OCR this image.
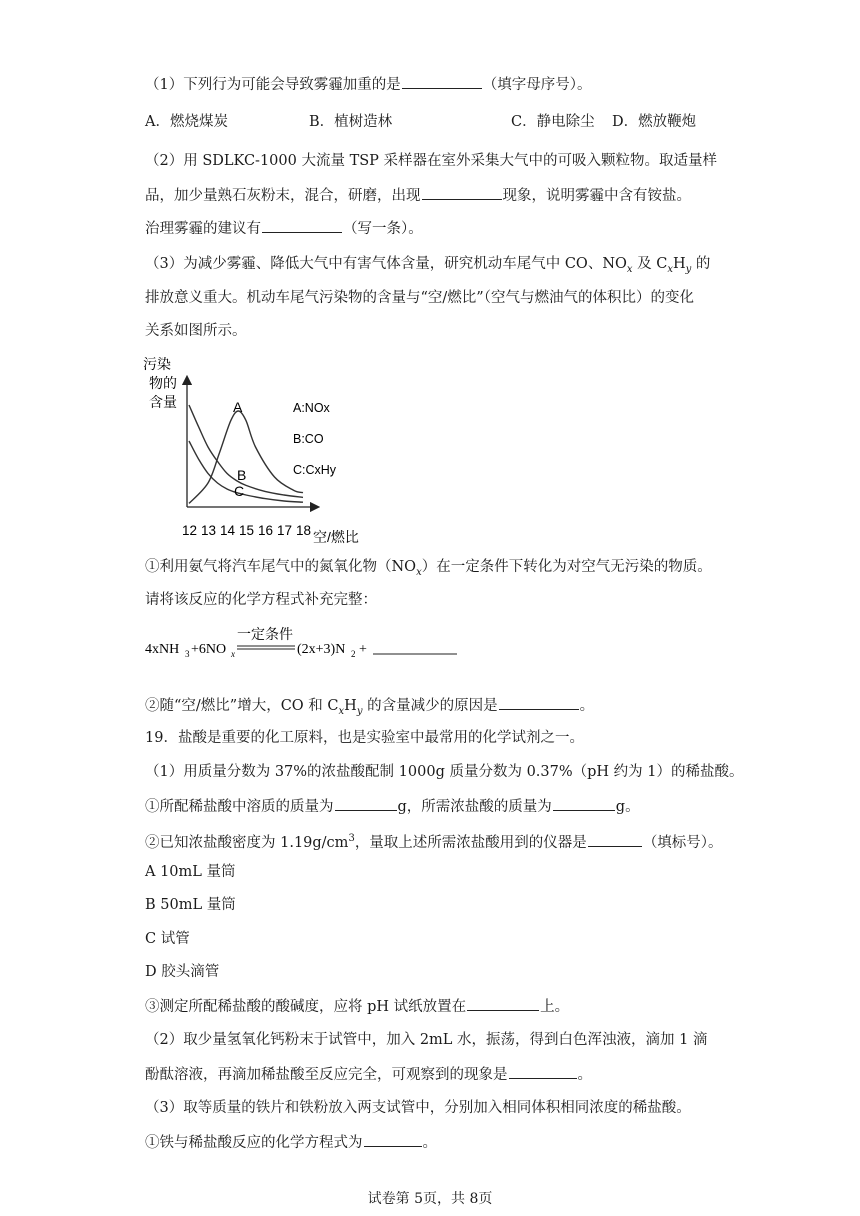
（1）下列行为可能会导致雾霾加重的是	（填字母序号）。
A．燃烧煤炭	B．植树造林	C．静电除尘 D．燃放鞭炮
（2）用 SDLKC-1000 大流量 TSP 采样器在室外采集大气中的可吸入颗粒物。取适量样
品，加少量熟石灰粉末，混合，研磨，出现	现象，说明雾霾中含有铵盐。
治理雾霾的建议有	（写一条）。
（3）为减少雾霾、降低大气中有害气体含量，研究机动车尾气中 CO、$NO_x$ 及 $C_xH_y$ 的
排放意义重大。机动车尾气污染物的含量与“空/燃比”（空气与燃油气的体积比）的变化
关系如图所示。
污染
物的
含量
12 13 14 15 16 17 18 空/燃比
A
B
C
A:NOx
B:CO
C:CxHy
①利用氨气将汽车尾气中的氮氧化物$(NO_x)$在一定条件下转化为对空气无污染的物质。
请将该反应的化学方程式补充完整：
4xNH 3 +6NO x
一定条件
(2x+3)N 2 +
②随“空/燃比”增大，CO 和 $C_xH_y$ 的含量减少的原因是	。
19．盐酸是重要的化工原料，也是实验室中最常用的化学试剂之一。
（1）用质量分数为 37%的浓盐酸配制 1000g 质量分数为 0.37%（pH 约为 1）的稀盐酸。
①所配稀盐酸中溶质的质量为	g，所需浓盐酸的质量为	g。
②已知浓盐酸密度为 $1.19g/cm^3$，量取上述所需浓盐酸用到的仪器是	（填标号）。
A 10mL 量筒
B 50mL 量筒
C 试管
D 胶头滴管
③测定所配稀盐酸的酸碱度，应将 pH 试纸放置在	上。
（2）取少量氢氧化钙粉末于试管中，加入 2mL 水，振荡，得到白色浑浊液，滴加 1 滴
酚酞溶液，再滴加稀盐酸至反应完全，可观察到的现象是	。
（3）取等质量的铁片和铁粉放入两支试管中，分别加入相同体积相同浓度的稀盐酸。
①铁与稀盐酸反应的化学方程式为	。
试卷第 5页，共 8页
